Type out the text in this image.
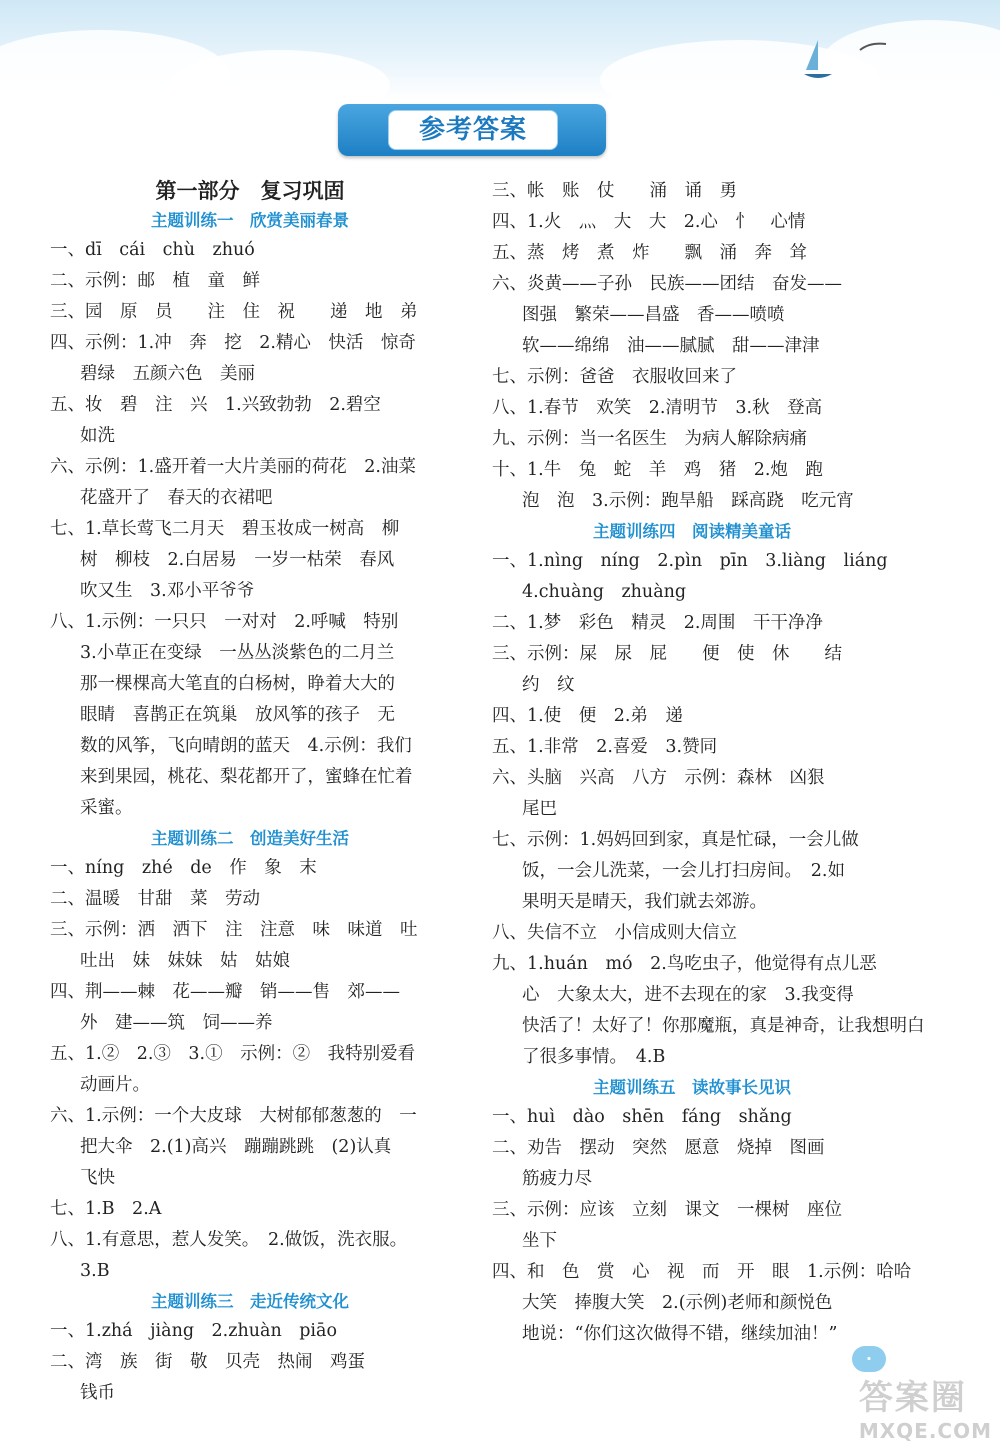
参考答案
第一部分　复习巩固
主题训练一　欣赏美丽春景
一、dī　cái　chù　zhuó
二、示例：邮　植　童　鲜
三、园　原　员　　注　住　祝　　递　地　弟
四、示例：1.冲　奔　挖　2.精心　快活　惊奇
碧绿　五颜六色　美丽
五、妆　碧　注　兴　1.兴致勃勃　2.碧空
如洗
六、示例：1.盛开着一大片美丽的荷花　2.油菜
花盛开了　春天的衣裙吧
七、1.草长莺飞二月天　碧玉妆成一树高　柳
树　柳枝　2.白居易　一岁一枯荣　春风
吹又生　3.邓小平爷爷
八、1.示例：一只只　一对对　2.呼喊　特别
3.小草正在变绿　一丛丛淡紫色的二月兰
那一棵棵高大笔直的白杨树，睁着大大的
眼睛　喜鹊正在筑巢　放风筝的孩子　无
数的风筝，飞向晴朗的蓝天　4.示例：我们
来到果园，桃花、梨花都开了，蜜蜂在忙着
采蜜。
主题训练二　创造美好生活
一、níng　zhé　de　作　象　末
二、温暖　甘甜　菜　劳动
三、示例：洒　洒下　注　注意　味　味道　吐
吐出　妹　妹妹　姑　姑娘
四、荆——棘　花——瓣　销——售　郊——
外　建——筑　饲——养
五、1.②　2.③　3.①　示例：②　我特别爱看
动画片。
六、1.示例：一个大皮球　大树郁郁葱葱的　一
把大伞　2.(1)高兴　蹦蹦跳跳　(2)认真
飞快
七、1.B　2.A
八、1.有意思，惹人发笑。　2.做饭，洗衣服。
3.B
主题训练三　走近传统文化
一、1.zhá　jiàng　2.zhuàn　piāo
二、湾　族　街　敬　贝壳　热闹　鸡蛋
钱币
三、帐　账　仗　　涌　诵　勇
四、1.火　灬　大　大　2.心　忄　心情
五、蒸　烤　煮　炸　　飘　涌　奔　耸
六、炎黄——子孙　民族——团结　奋发——
图强　繁荣——昌盛　香——喷喷
软——绵绵　油——腻腻　甜——津津
七、示例：爸爸　衣服收回来了
八、1.春节　欢笑　2.清明节　3.秋　登高
九、示例：当一名医生　为病人解除病痛
十、1.牛　兔　蛇　羊　鸡　猪　2.炮　跑
泡　泡　3.示例：跑旱船　踩高跷　吃元宵
主题训练四　阅读精美童话
一、1.nìng　níng　2.pìn　pīn　3.liàng　liáng
4.chuàng　zhuàng
二、1.梦　彩色　精灵　2.周围　干干净净
三、示例：屎　尿　屁　　便　使　休　　结
约　纹
四、1.使　便　2.弟　递
五、1.非常　2.喜爱　3.赞同
六、头脑　兴高　八方　示例：森林　凶狠
尾巴
七、示例：1.妈妈回到家，真是忙碌，一会儿做
饭，一会儿洗菜，一会儿打扫房间。　2.如
果明天是晴天，我们就去郊游。
八、失信不立　小信成则大信立
九、1.huán　mó　2.鸟吃虫子，他觉得有点儿恶
心　大象太大，进不去现在的家　3.我变得
快活了！太好了！你那魔瓶，真是神奇，让我想明白
了很多事情。　4.B
主题训练五　读故事长见识
一、huì　dào　shēn　fáng　shǎng
二、劝告　摆动　突然　愿意　烧掉　图画
筋疲力尽
三、示例：应该　立刻　课文　一棵树　座位
坐下
四、和　色　赏　心　视　而　开　眼　1.示例：哈哈
大笑　捧腹大笑　2.(示例)老师和颜悦色
地说：“你们这次做得不错，继续加油！”
·
答案圈
MXQE.COM
